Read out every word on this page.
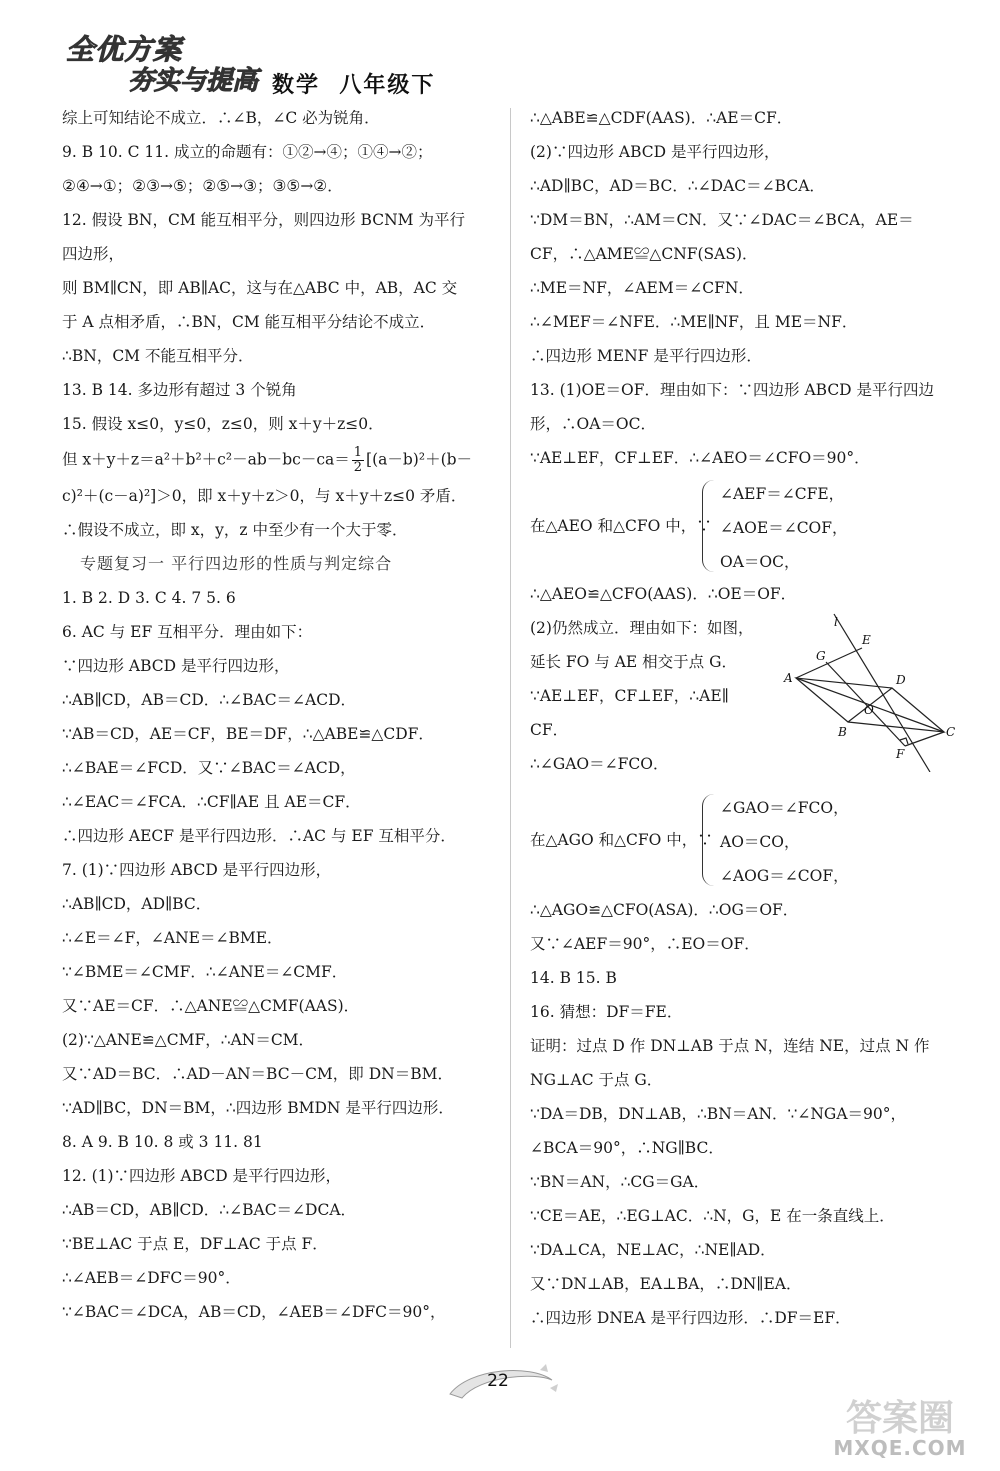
全优方案
夯实与提高 数学  八年级下
综上可知结论不成立．∴∠B，∠C 必为锐角．
9. B 10. C 11. 成立的命题有：①②→④；①④→②；
②④→①；②③→⑤；②⑤→③；③⑤→②．
12. 假设 BN，CM 能互相平分，则四边形 BCNM 为平行
四边形，
则 BM∥CN，即 AB∥AC，这与在△ABC 中，AB，AC 交
于 A 点相矛盾，∴BN，CM 能互相平分结论不成立．
∴BN，CM 不能互相平分．
13. B 14. 多边形有超过 3 个锐角
15. 假设 x≤0，y≤0，z≤0，则 x＋y＋z≤0．
但 $x+y+z=a^2+b^2+c^2-ab-bc-ca= \frac{1}{2} [(a-b)^2+(b-$
c)²＋(c－a)²]＞0，即 x＋y＋z＞0，与 x＋y＋z≤0 矛盾．
∴假设不成立，即 x，y，z 中至少有一个大于零．
专题复习一 平行四边形的性质与判定综合
1. B 2. D 3. C 4. 7 5. 6
6. AC 与 EF 互相平分．理由如下：
∵四边形 ABCD 是平行四边形，
∴AB∥CD，AB＝CD．∴∠BAC＝∠ACD．
∵AB＝CD，AE＝CF，BE＝DF，∴△ABE≌△CDF．
∴∠BAE＝∠FCD．又∵∠BAC＝∠ACD，
∴∠EAC＝∠FCA．∴CF∥AE 且 AE＝CF．
∴四边形 AECF 是平行四边形．∴AC 与 EF 互相平分．
7. (1)∵四边形 ABCD 是平行四边形，
∴AB∥CD，AD∥BC．
∴∠E＝∠F，∠ANE＝∠BME．
∵∠BME＝∠CMF．∴∠ANE＝∠CMF．
又∵AE＝CF．∴△ANE≌△CMF(AAS)．
(2)∵△ANE≌△CMF，∴AN＝CM．
又∵AD＝BC．∴AD－AN＝BC－CM，即 DN＝BM．
∵AD∥BC，DN＝BM，∴四边形 BMDN 是平行四边形．
8. A 9. B 10. 8 或 3 11. 81
12. (1)∵四边形 ABCD 是平行四边形，
∴AB＝CD，AB∥CD．∴∠BAC＝∠DCA．
∵BE⊥AC 于点 E，DF⊥AC 于点 F．
∴∠AEB＝∠DFC＝90°．
∵∠BAC＝∠DCA，AB＝CD，∠AEB＝∠DFC＝90°，
∴△ABE≌△CDF(AAS)．∴AE＝CF．
(2)∵四边形 ABCD 是平行四边形，
∴AD∥BC，AD＝BC．∴∠DAC＝∠BCA．
∵DM＝BN，∴AM＝CN．又∵∠DAC＝∠BCA，AE＝
CF，∴△AME≌△CNF(SAS)．
∴ME＝NF，∠AEM＝∠CFN．
∴∠MEF＝∠NFE．∴ME∥NF，且 ME＝NF．
∴四边形 MENF 是平行四边形．
13. (1)OE＝OF．理由如下：∵四边形 ABCD 是平行四边
形，∴OA＝OC．
∵AE⊥EF，CF⊥EF．∴∠AEO＝∠CFO＝90°．
在△AEO 和△CFO 中，∵
∠AEF＝∠CFE，
∠AOE＝∠COF，
OA＝OC，
∴△AEO≌△CFO(AAS)．∴OE＝OF．
(2)仍然成立．理由如下：如图，
延长 FO 与 AE 相交于点 G．
∵AE⊥EF，CF⊥EF，∴AE∥
CF．
∴∠GAO＝∠FCO．
在△AGO 和△CFO 中，∵
∠GAO＝∠FCO，
AO＝CO，
∠AOG＝∠COF，
∴△AGO≌△CFO(ASA)．∴OG＝OF．
又∵∠AEF＝90°，∴EO＝OF．
14. B 15. B
16. 猜想：DF＝FE．
证明：过点 D 作 DN⊥AB 于点 N，连结 NE，过点 N 作
NG⊥AC 于点 G．
∵DA＝DB，DN⊥AB，∴BN＝AN．∵∠NGA＝90°，
∠BCA＝90°，∴NG∥BC．
∵BN＝AN，∴CG＝GA．
∵CE＝AE，∴EG⊥AC．∴N，G，E 在一条直线上．
∵DA⊥CA，NE⊥AC，∴NE∥AD．
又∵DN⊥AB，EA⊥BA，∴DN∥EA．
∴四边形 DNEA 是平行四边形．∴DF＝EF．
l
E
G
D
A
O
B
F
C
22
答案圈
MXQE.COM
